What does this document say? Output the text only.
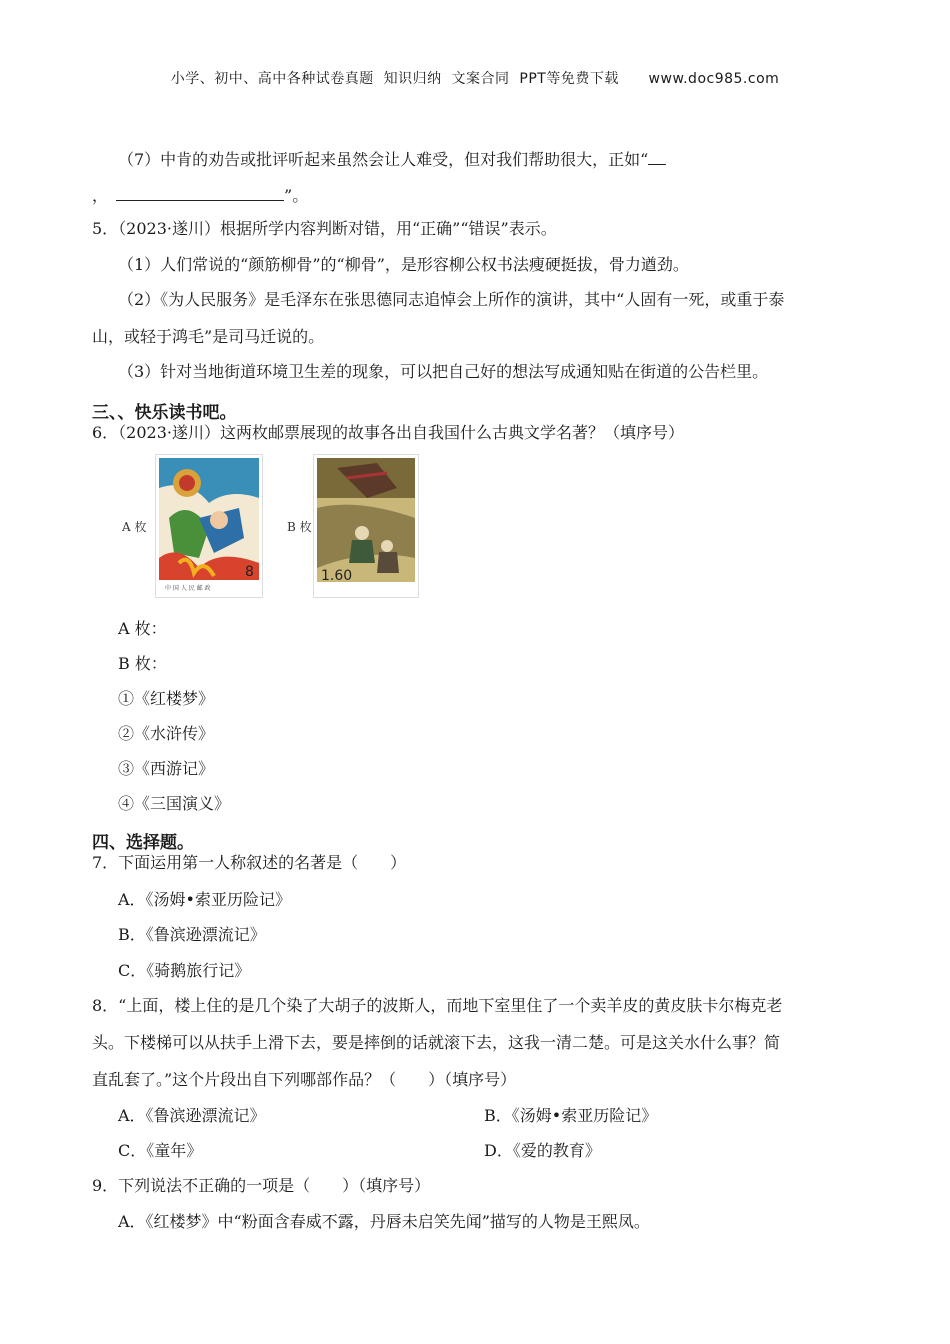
小学、初中、高中各种试卷真题  知识归纳  文案合同  PPT等免费下载      www.doc985.com
（7）中肯的劝告或批评听起来虽然会让人难受，但对我们帮助很大，正如“
，	”。
5．（2023·遂川）根据所学内容判断对错，用“正确”“错误”表示。
（1）人们常说的“颜筋柳骨”的“柳骨”，是形容柳公权书法瘦硬挺拔，骨力遒劲。
（2）《为人民服务》是毛泽东在张思德同志追悼会上所作的演讲，其中“人固有一死，或重于泰
山，或轻于鸿毛”是司马迁说的。
（3）针对当地街道环境卫生差的现象，可以把自己好的想法写成通知贴在街道的公告栏里。
三、、快乐读书吧。
6．（2023·遂川）这两枚邮票展现的故事各出自我国什么古典文学名著？（填序号）
A 枚
中 国 人 民 邮 政
8
B 枚
1.60
A 枚：
B 枚：
①《红楼梦》
②《水浒传》
③《西游记》
④《三国演义》
四、选择题。
7．下面运用第一人称叙述的名著是（　　）
A．《汤姆•索亚历险记》
B．《鲁滨逊漂流记》
C．《骑鹅旅行记》
8．“上面，楼上住的是几个染了大胡子的波斯人，而地下室里住了一个卖羊皮的黄皮肤卡尔梅克老
头。下楼梯可以从扶手上滑下去，要是摔倒的话就滚下去，这我一清二楚。可是这关水什么事？简
直乱套了。”这个片段出自下列哪部作品？（　　）（填序号）
A．《鲁滨逊漂流记》	B．《汤姆•索亚历险记》
C．《童年》	D．《爱的教育》
9．下列说法不正确的一项是（　　）（填序号）
A．《红楼梦》中“粉面含春威不露，丹唇未启笑先闻”描写的人物是王熙凤。
